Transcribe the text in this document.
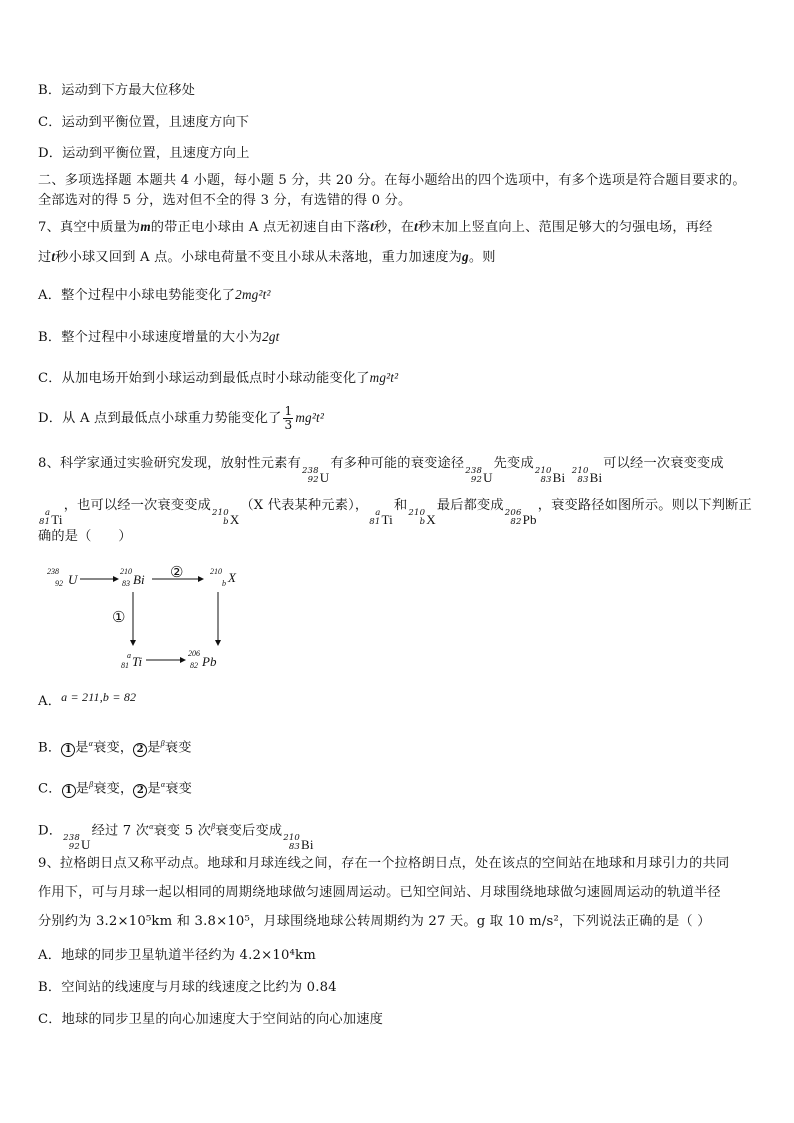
B．运动到下方最大位移处
C．运动到平衡位置，且速度方向下
D．运动到平衡位置，且速度方向上
二、多项选择题 本题共 4 小题，每小题 5 分，共 20 分。在每小题给出的四个选项中，有多个选项是符合题目要求的。
全部选对的得 5 分，选对但不全的得 3 分，有选错的得 0 分。
7、真空中质量为m的带正电小球由 A 点无初速自由下落t秒，在t秒末加上竖直向上、范围足够大的匀强电场，再经
过t秒小球又回到 A 点。小球电荷量不变且小球从未落地，重力加速度为g。则
A．整个过程中小球电势能变化了2mg²t²
B．整个过程中小球速度增量的大小为2gt
C．从加电场开始到小球运动到最低点时小球动能变化了mg²t²
D．从 A 点到最低点小球重力势能变化了 $\frac{1}{3} mg^2t^2$
8、科学家通过实验研究发现，放射性元素有 238
92 U
有多种可能的衰变途径 238
92 U
先变成 210
83 Bi
210
83 Bi
可以经一次衰变变成
a
81 Ti
，也可以经一次衰变变成 210
b X
（X 代表某种元素）， a
81 Ti
和 210
b X
最后都变成 206
82 Pb
，衰变路径如图所示。则以下判断正
确的是（　　）
238
92 U
210
83 Bi ②	210
b X
①
a
81 Ti
206
82 Pb
A．a = 211,b = 82
B． 1 是$^\alpha$衰变， 2 是$^\beta$衰变
C． 1 是$^\beta$衰变， 2 是$^\alpha$衰变
D． 238
92 U
经过 7 次$^\alpha$衰变 5 次$^\beta$衰变后变成 210
83 Bi
9、拉格朗日点又称平动点。地球和月球连线之间，存在一个拉格朗日点，处在该点的空间站在地球和月球引力的共同
作用下，可与月球一起以相同的周期绕地球做匀速圆周运动。已知空间站、月球围绕地球做匀速圆周运动的轨道半径
分别约为 3.2×10⁵km 和 3.8×10⁵，月球围绕地球公转周期约为 27 天。g 取 10 m/s²，下列说法正确的是（ ）
A．地球的同步卫星轨道半径约为 4.2×10⁴km
B．空间站的线速度与月球的线速度之比约为 0.84
C．地球的同步卫星的向心加速度大于空间站的向心加速度
